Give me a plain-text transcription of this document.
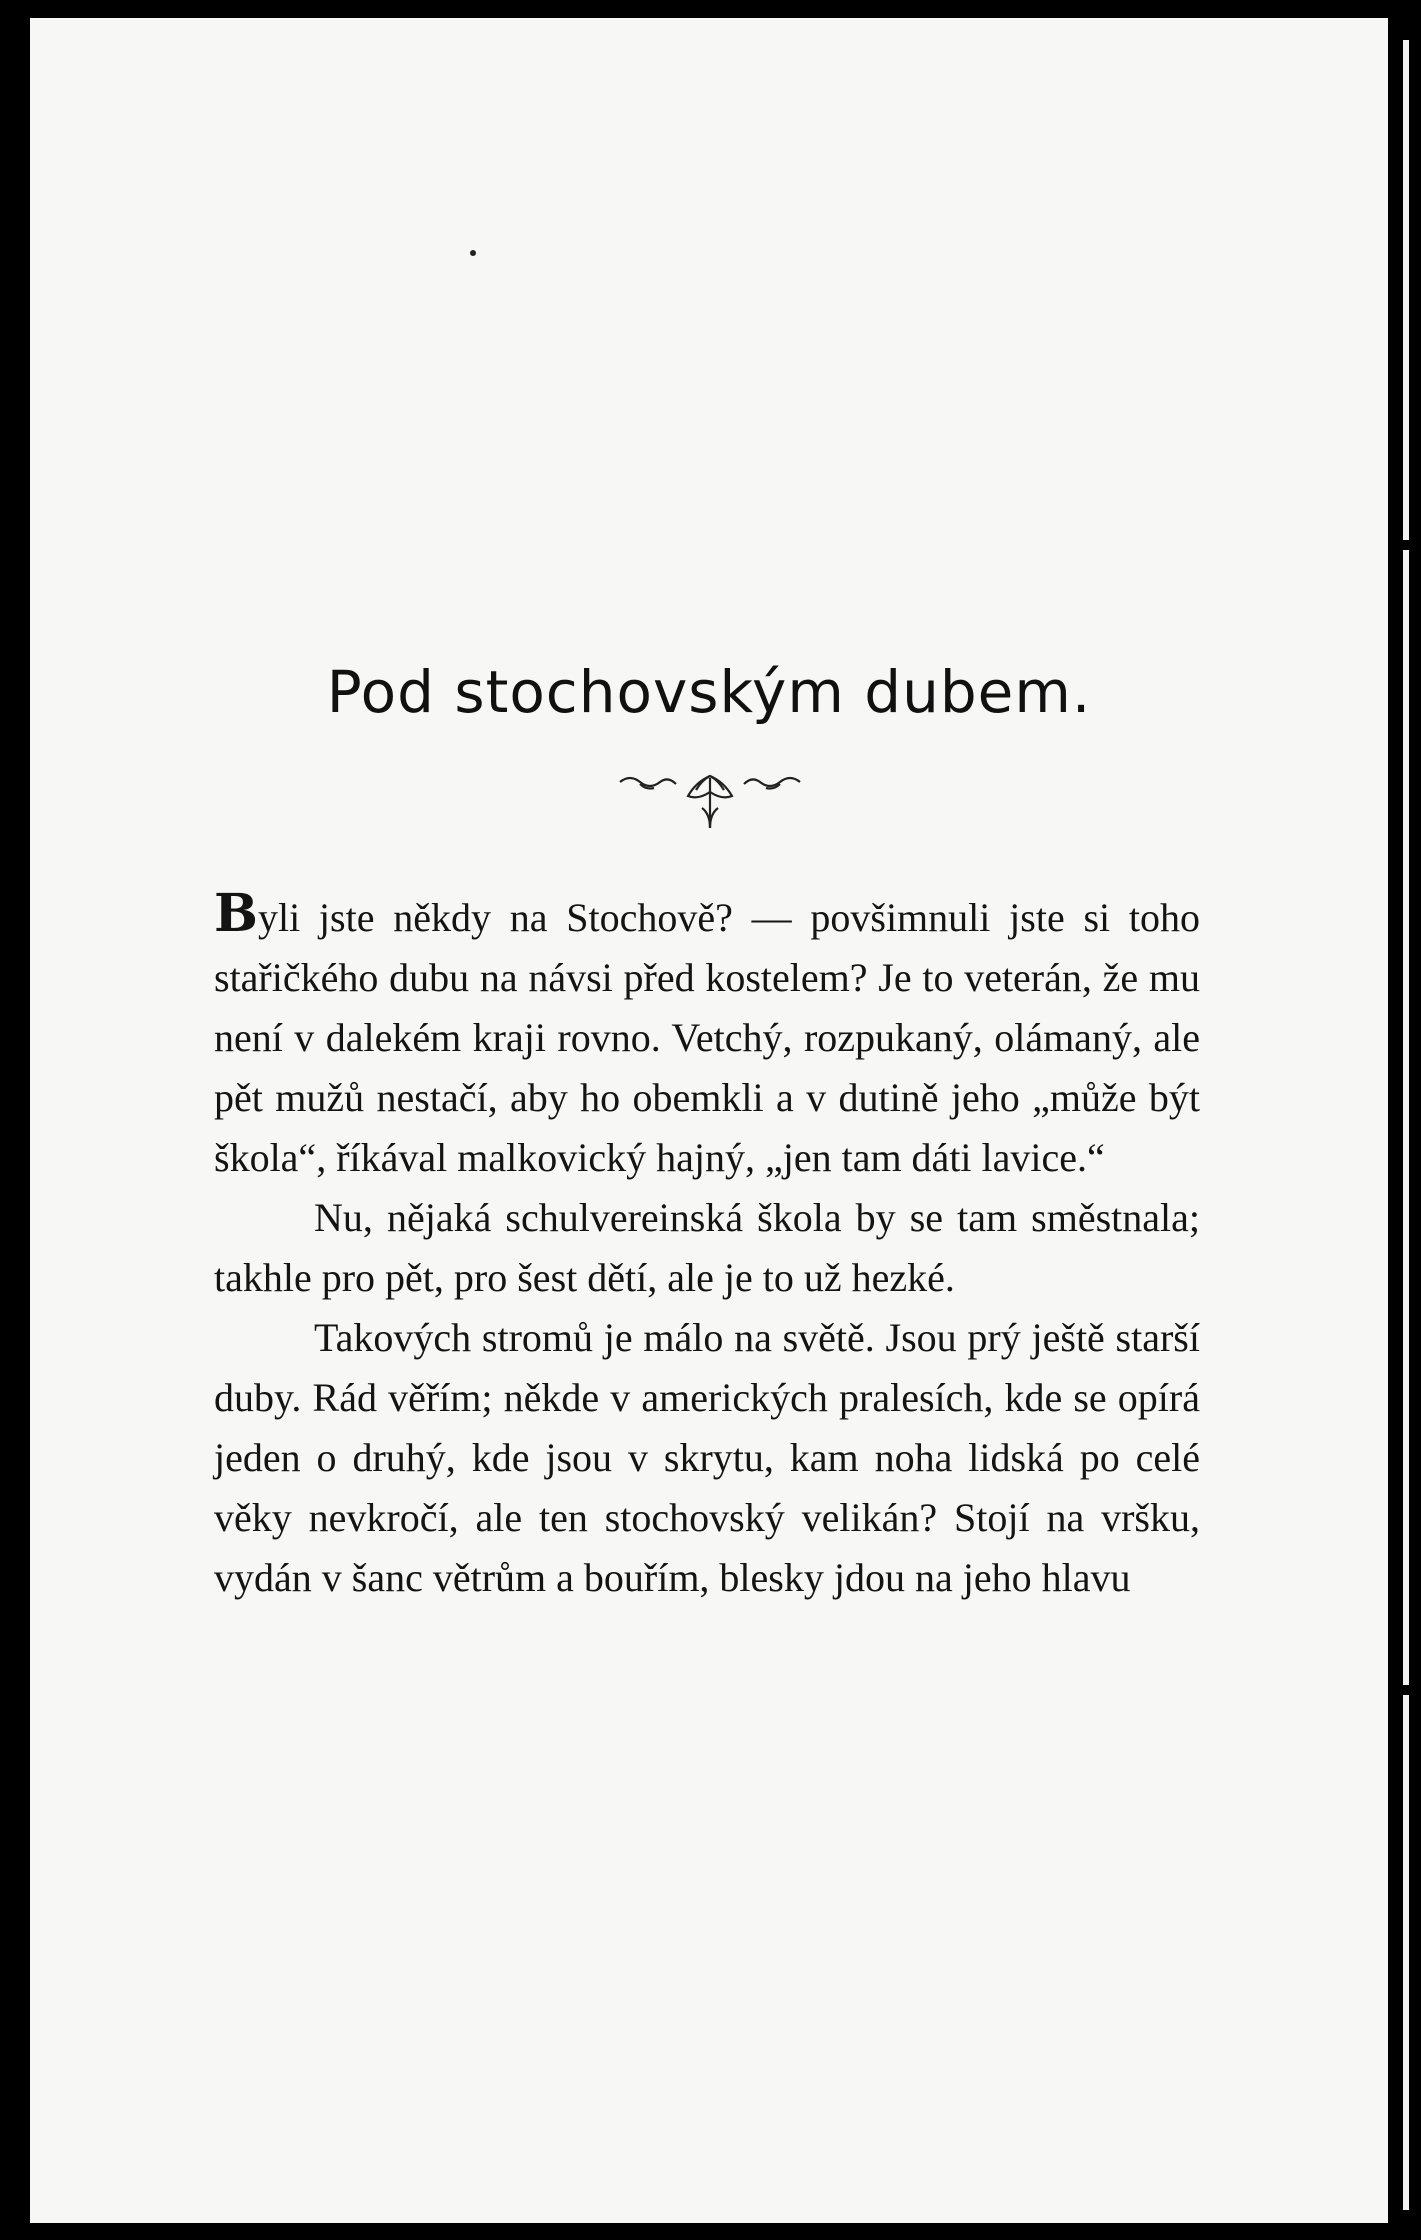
Pod stochovským dubem.

Byli jste někdy na Stochově? — povšimnuli jste si toho stařičkého dubu na návsi před kostelem? Je to veterán, že mu není v dalekém kraji rovno. Vetchý, rozpukaný, olámaný, ale pět mužů nestačí, aby ho obemkli a v dutině jeho „může být škola“, říkával malkovický hajný, „jen tam dáti lavice.“

Nu, nějaká schulvereinská škola by se tam směstnala; takhle pro pět, pro šest dětí, ale je to už hezké.

Takových stromů je málo na světě. Jsou prý ještě starší duby. Rád věřím; někde v amerických pralesích, kde se opírá jeden o druhý, kde jsou v skrytu, kam noha lidská po celé věky nevkročí, ale ten stochovský velikán? Stojí na vršku, vydán v šanc větrům a bouřím, blesky jdou na jeho hlavu
